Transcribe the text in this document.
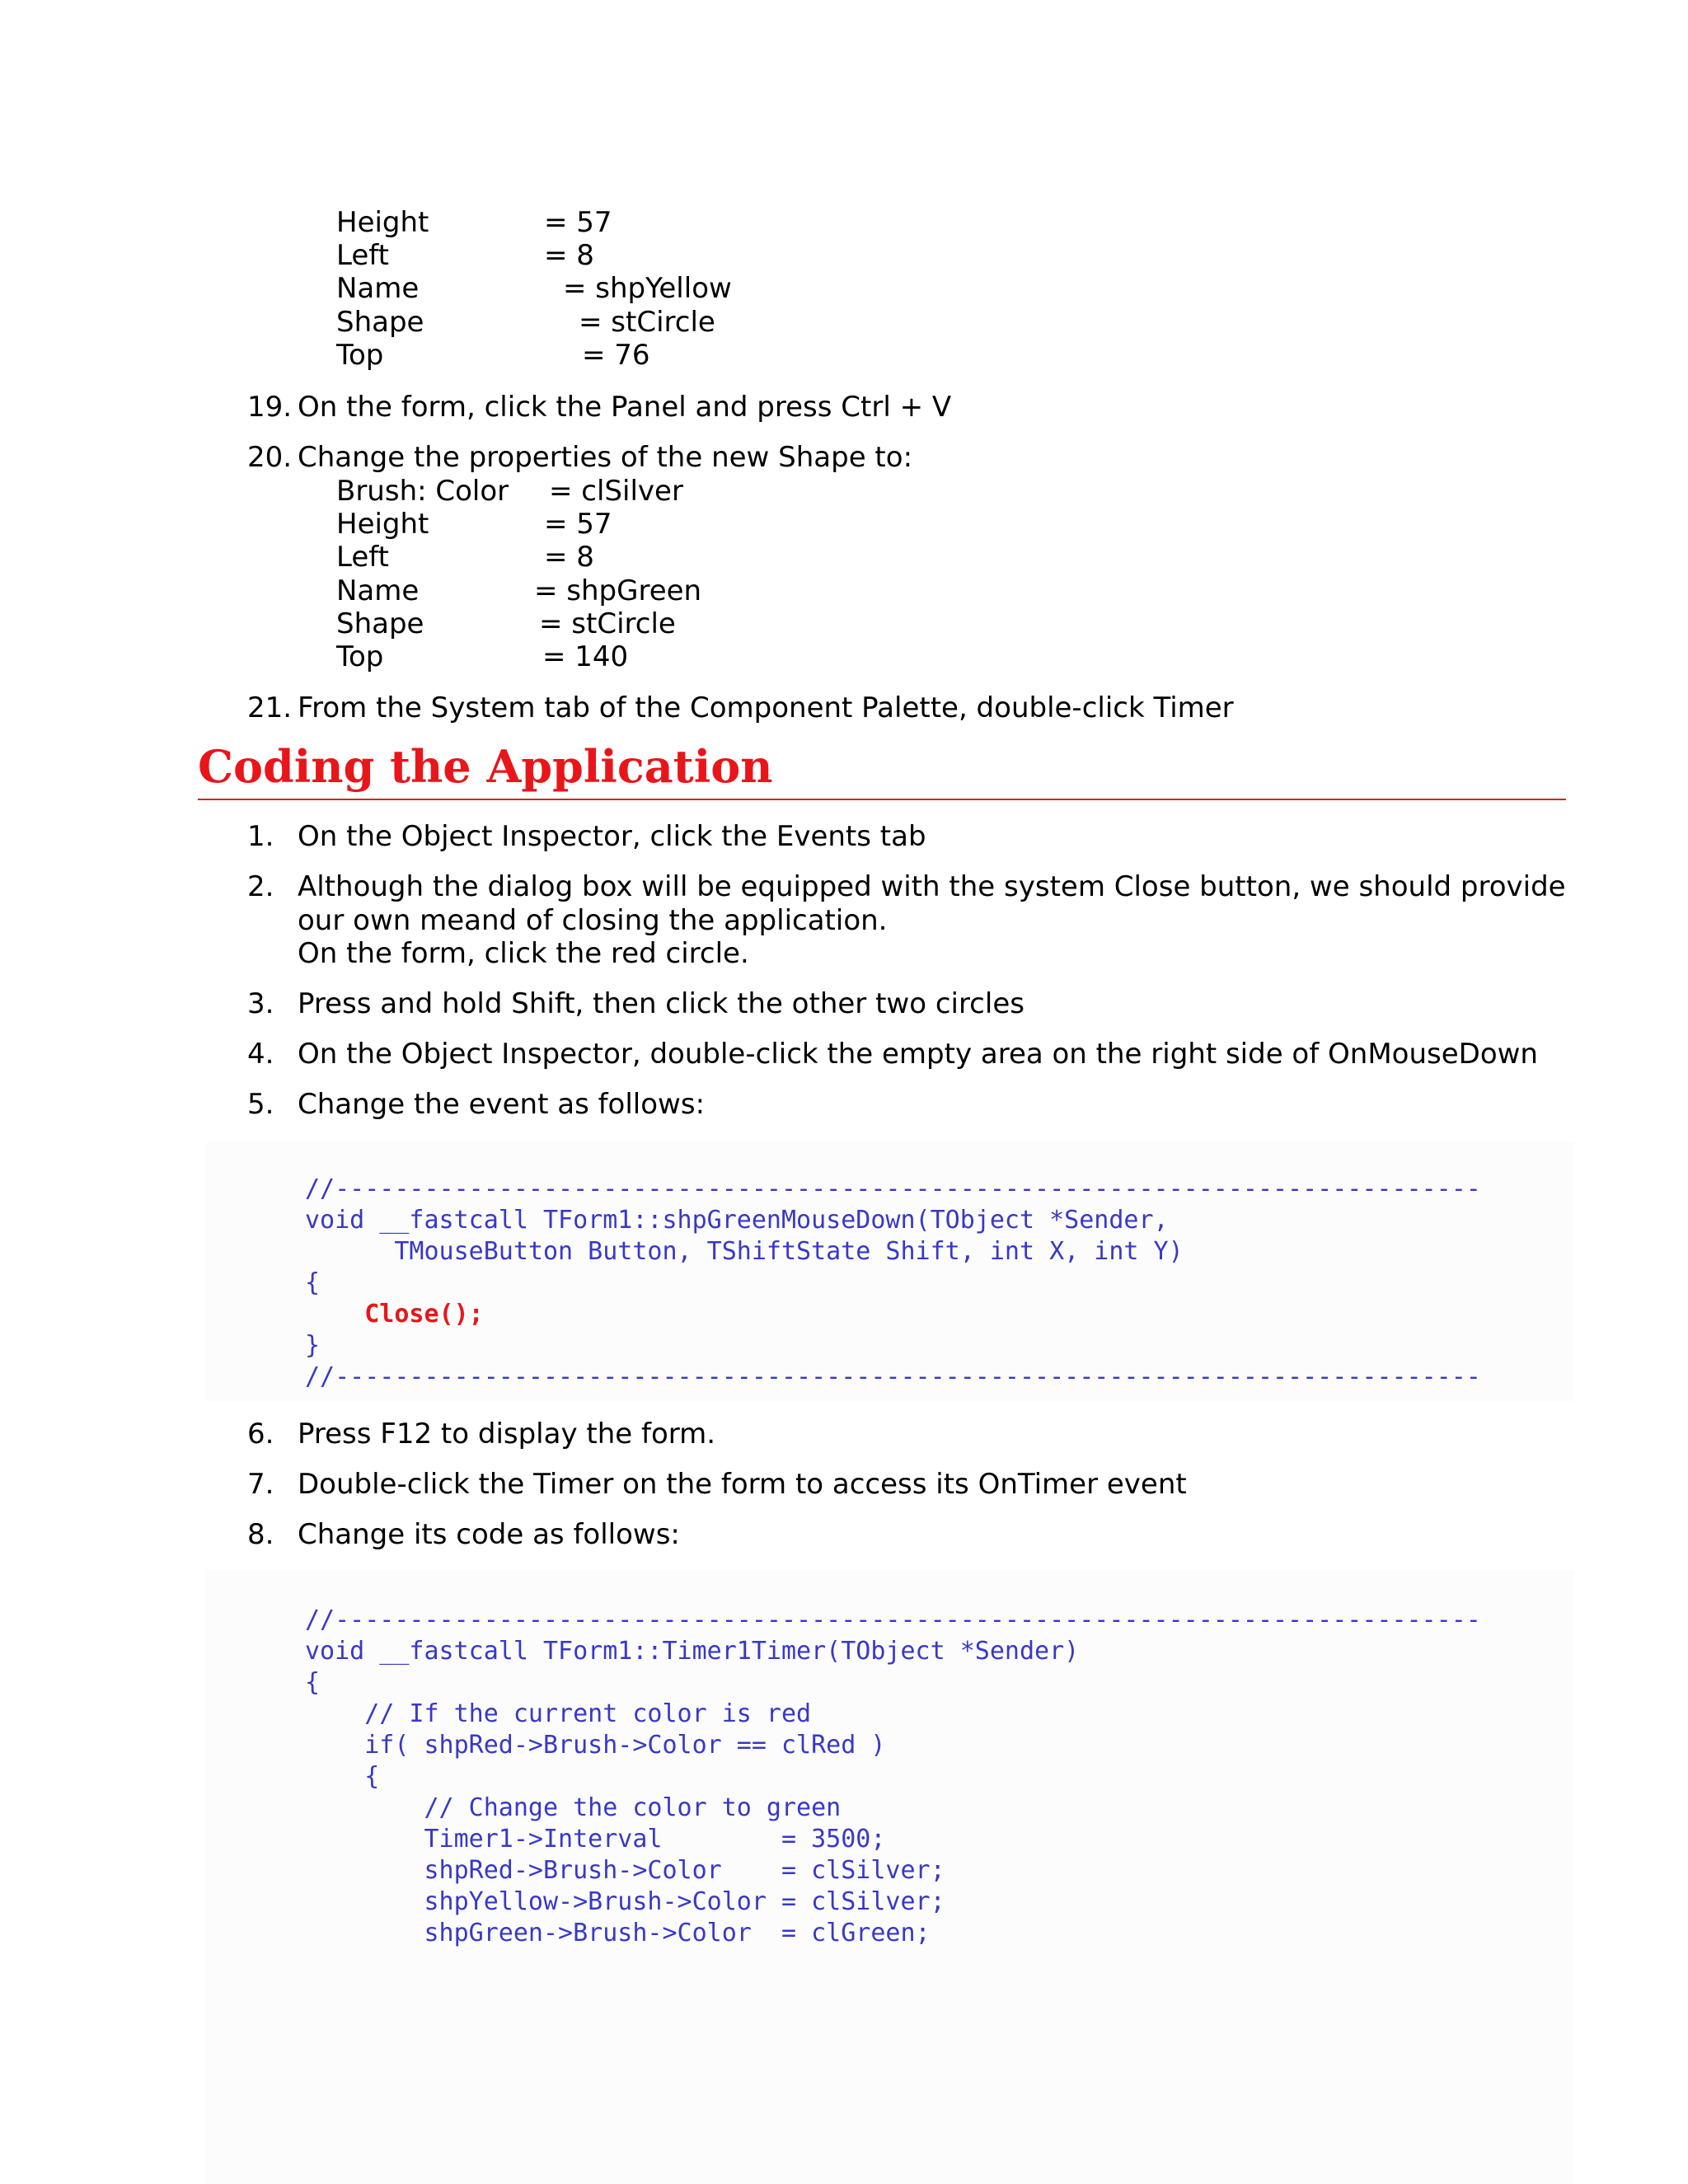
Height	= 57
Left	= 8
Name	= shpYellow
Shape	= stCircle
Top	= 76
19. On the form, click the Panel and press Ctrl + V
20. Change the properties of the new Shape to:
Brush: Color = clSilver
Height	= 57
Left	= 8
Name	= shpGreen
Shape	= stCircle
Top	= 140
21. From the System tab of the Component Palette, double-click Timer
Coding the Application
1. On the Object Inspector, click the Events tab
2. Although the dialog box will be equipped with the system Close button, we should provide
our own meand of closing the application.
On the form, click the red circle.
3. Press and hold Shift, then click the other two circles
4. On the Object Inspector, double-click the empty area on the right side of OnMouseDown
5. Change the event as follows:
//-----------------------------------------------------------------------------
void __fastcall TForm1::shpGreenMouseDown(TObject *Sender,
TMouseButton Button, TShiftState Shift, int X, int Y)
{
Close();
}
//-----------------------------------------------------------------------------
6. Press F12 to display the form.
7. Double-click the Timer on the form to access its OnTimer event
8. Change its code as follows:
//-----------------------------------------------------------------------------
void __fastcall TForm1::Timer1Timer(TObject *Sender)
{
// If the current color is red
if( shpRed->Brush->Color == clRed )
{
// Change the color to green
Timer1->Interval        = 3500;
shpRed->Brush->Color    = clSilver;
shpYellow->Brush->Color = clSilver;
shpGreen->Brush->Color  = clGreen;
